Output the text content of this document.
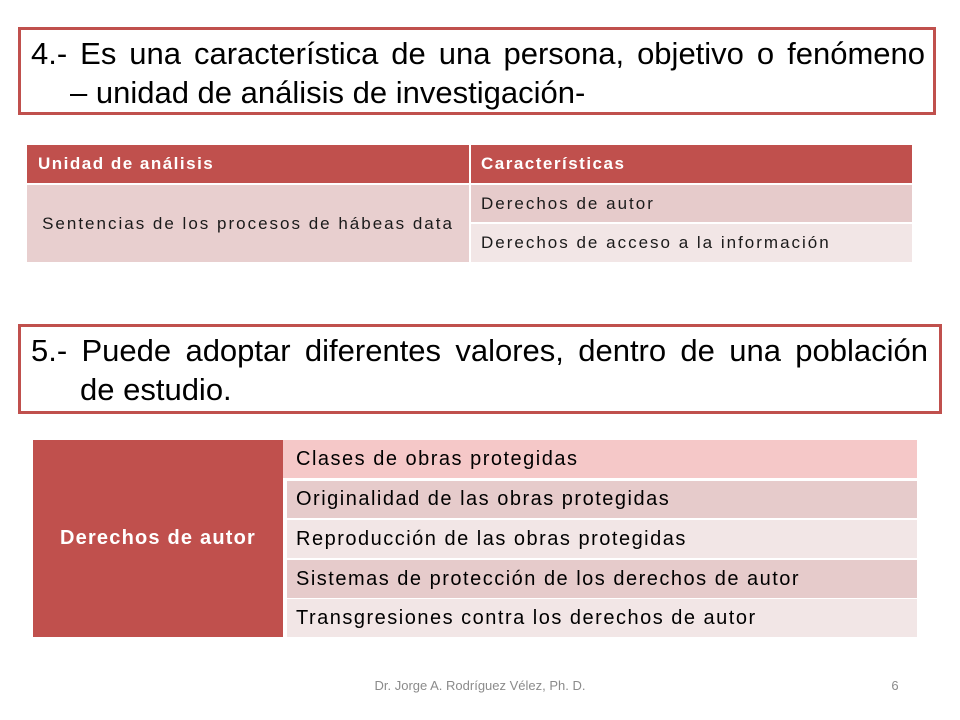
4.- Es una característica de una persona, objetivo o fenómeno
– unidad de análisis de investigación-
Unidad de análisis	Características
Sentencias de los procesos de hábeas data
Derechos de autor
Derechos de acceso a la información
5.- Puede adoptar diferentes valores, dentro de una población
de estudio.
Derechos de autor
Clases de obras protegidas
Originalidad de las obras protegidas
Reproducción de las obras protegidas
Sistemas de protección de los derechos de autor
Transgresiones contra los derechos de autor
Dr. Jorge A. Rodríguez Vélez, Ph. D.	6
